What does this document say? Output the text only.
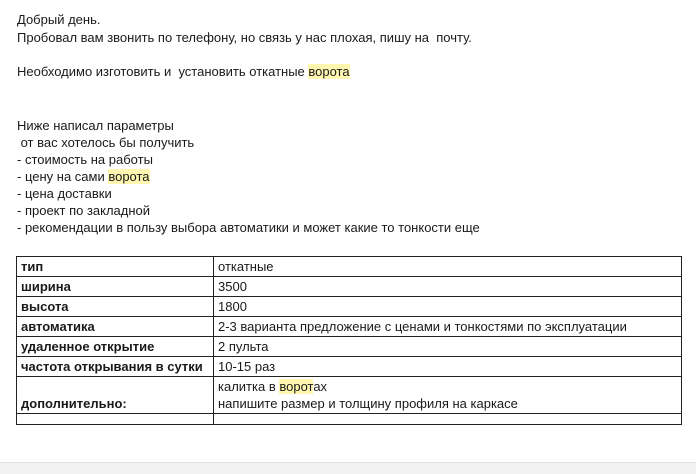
Добрый день.
Пробовал вам звонить по телефону, но связь у нас плохая, пишу на  почту.
Необходимо изготовить и  установить откатные ворота
Ниже написал параметры
от вас хотелось бы получить
- стоимость на работы
- цену на сами ворота
- цена доставки
- проект по закладной
- рекомендации в пользу выбора автоматики и может какие то тонкости еще
тип	откатные
ширина	3500
высота	1800
автоматика	2-3 варианта предложение с ценами и тонкостями по эксплуатации
удаленное открытие	2 пульта
частота открывания в сутки	10-15 раз
дополнительно:	калитка в воротах
напишите размер и толщину профиля на каркасе
